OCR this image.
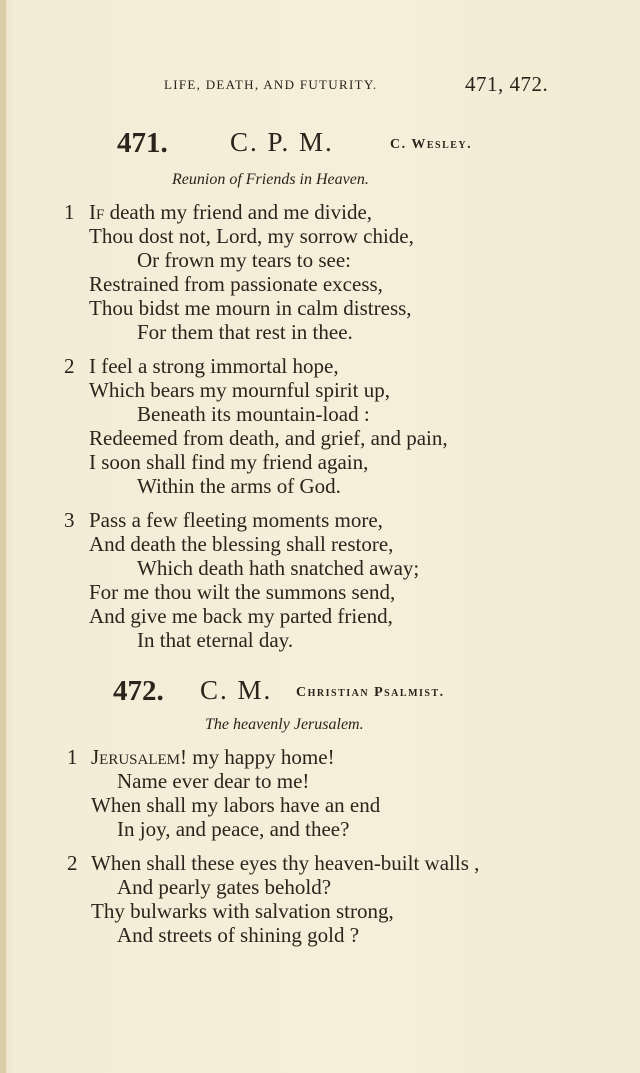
LIFE, DEATH, AND FUTURITY.	471, 472.
471. C. P. M.	C. Wesley.
Reunion of Friends in Heaven.
1 If death my friend and me divide,
Thou dost not, Lord, my sorrow chide,
Or frown my tears to see:
Restrained from passionate excess,
Thou bidst me mourn in calm distress,
For them that rest in thee.
2 I feel a strong immortal hope,
Which bears my mournful spirit up,
Beneath its mountain-load :
Redeemed from death, and grief, and pain,
I soon shall find my friend again,
Within the arms of God.
3 Pass a few fleeting moments more,
And death the blessing shall restore,
Which death hath snatched away;
For me thou wilt the summons send,
And give me back my parted friend,
In that eternal day.
472. C. M. Christian Psalmist.
The heavenly Jerusalem.
1 Jerusalem! my happy home!
Name ever dear to me!
When shall my labors have an end
In joy, and peace, and thee?
2 When shall these eyes thy heaven-built walls ,
And pearly gates behold?
Thy bulwarks with salvation strong,
And streets of shining gold ?
